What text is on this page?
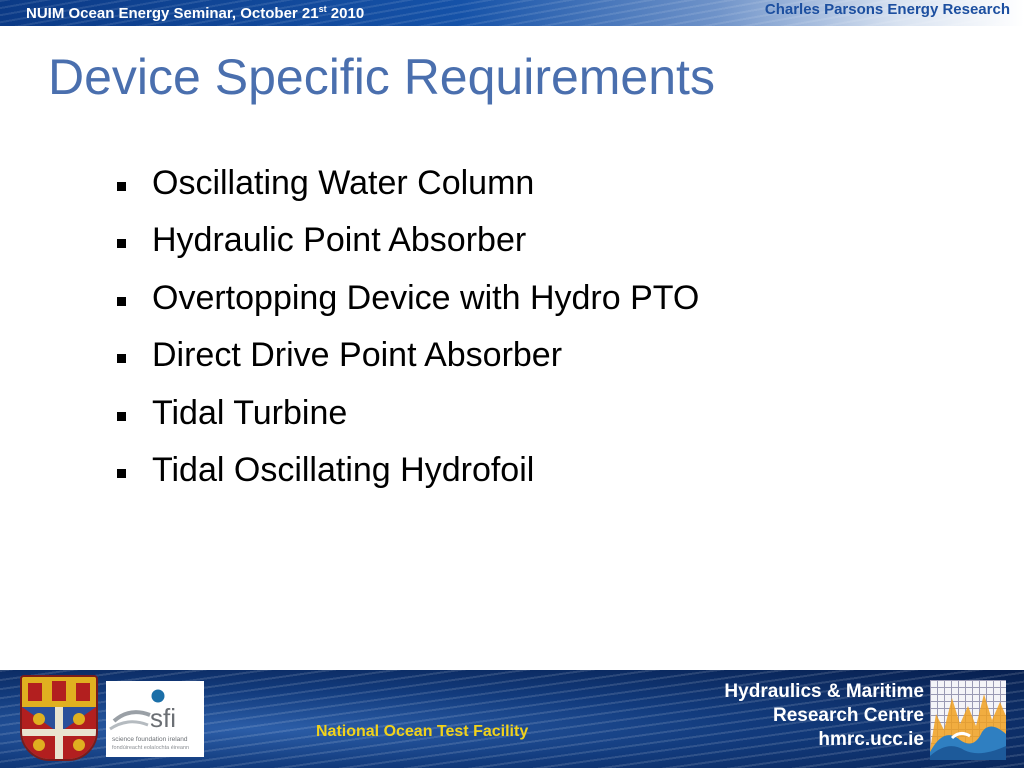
NUIM Ocean Energy Seminar, October 21st 2010	Charles Parsons Energy Research
Device Specific Requirements
Oscillating Water Column
Hydraulic Point Absorber
Overtopping Device with Hydro PTO
Direct Drive Point Absorber
Tidal Turbine
Tidal Oscillating Hydrofoil
sfi
science foundation ireland
fondúireacht eolaíochta éireann
National Ocean Test Facility
Hydraulics & Maritime
Research Centre
hmrc.ucc.ie
